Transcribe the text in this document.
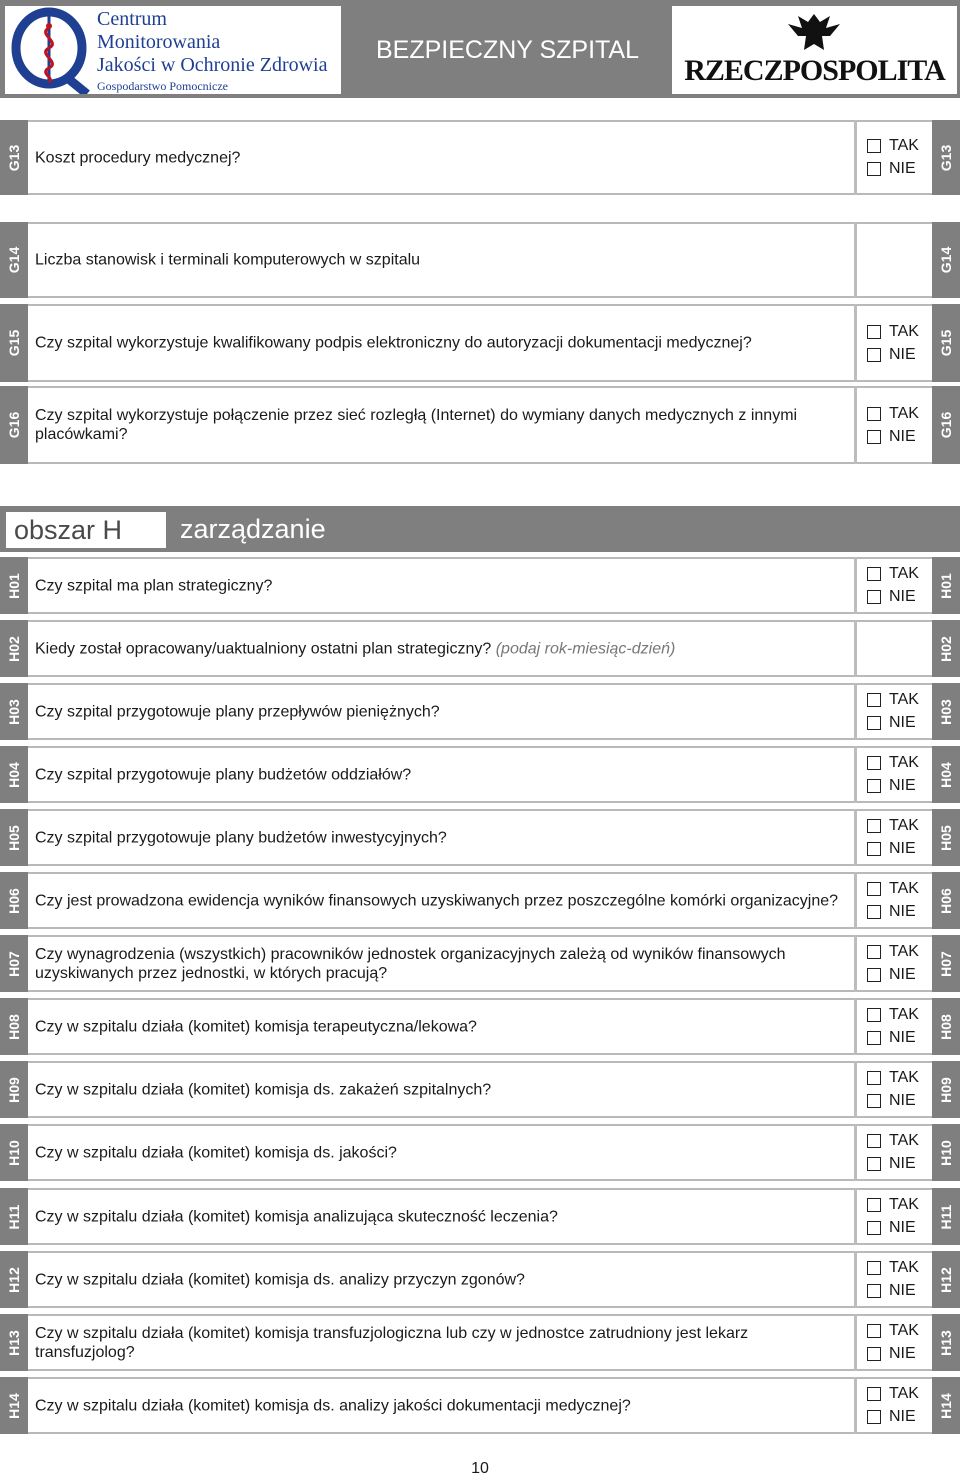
Centrum
Monitorowania
Jakości w Ochronie Zdrowia
Gospodarstwo Pomocnicze
BEZPIECZNY SZPITAL
RZECZPOSPOLITA
G13 Koszt procedury medycznej?
TAK
NIE G13
G14 Liczba stanowisk i terminali komputerowych w szpitalu	G14
G15 Czy szpital wykorzystuje kwalifikowany podpis elektroniczny do autoryzacji dokumentacji medycznej?
TAK
NIE G15
G16 Czy szpital wykorzystuje połączenie przez sieć rozległą (Internet) do wymiany danych medycznych z innymi placówkami?
TAK
NIE G16
obszar H	zarządzanie
H01 Czy szpital ma plan strategiczny?
TAK
NIE H01
H02 Kiedy został opracowany/uaktualniony ostatni plan strategiczny? (podaj rok-miesiąc-dzień)	H02
H03 Czy szpital przygotowuje plany przepływów pieniężnych?
TAK
NIE H03
H04 Czy szpital przygotowuje plany budżetów oddziałów?
TAK
NIE H04
H05 Czy szpital przygotowuje plany budżetów inwestycyjnych?
TAK
NIE H05
H06 Czy jest prowadzona ewidencja wyników finansowych uzyskiwanych przez poszczególne komórki organizacyjne?
TAK
NIE H06
H07 Czy wynagrodzenia (wszystkich) pracowników jednostek organizacyjnych zależą od wyników finansowych uzyskiwanych przez jednostki, w których pracują?
TAK
NIE H07
H08 Czy w szpitalu działa (komitet) komisja terapeutyczna/lekowa?
TAK
NIE H08
H09 Czy w szpitalu działa (komitet) komisja ds. zakażeń szpitalnych?
TAK
NIE H09
H10 Czy w szpitalu działa (komitet) komisja ds. jakości?
TAK
NIE H10
H11 Czy w szpitalu działa (komitet) komisja analizująca skuteczność leczenia?
TAK
NIE H11
H12 Czy w szpitalu działa (komitet) komisja ds. analizy przyczyn zgonów?
TAK
NIE H12
H13 Czy w szpitalu działa (komitet) komisja transfuzjologiczna lub czy w jednostce zatrudniony jest lekarz transfuzjolog?
TAK
NIE H13
H14 Czy w szpitalu działa (komitet) komisja ds. analizy jakości dokumentacji medycznej?
TAK
NIE H14
10
